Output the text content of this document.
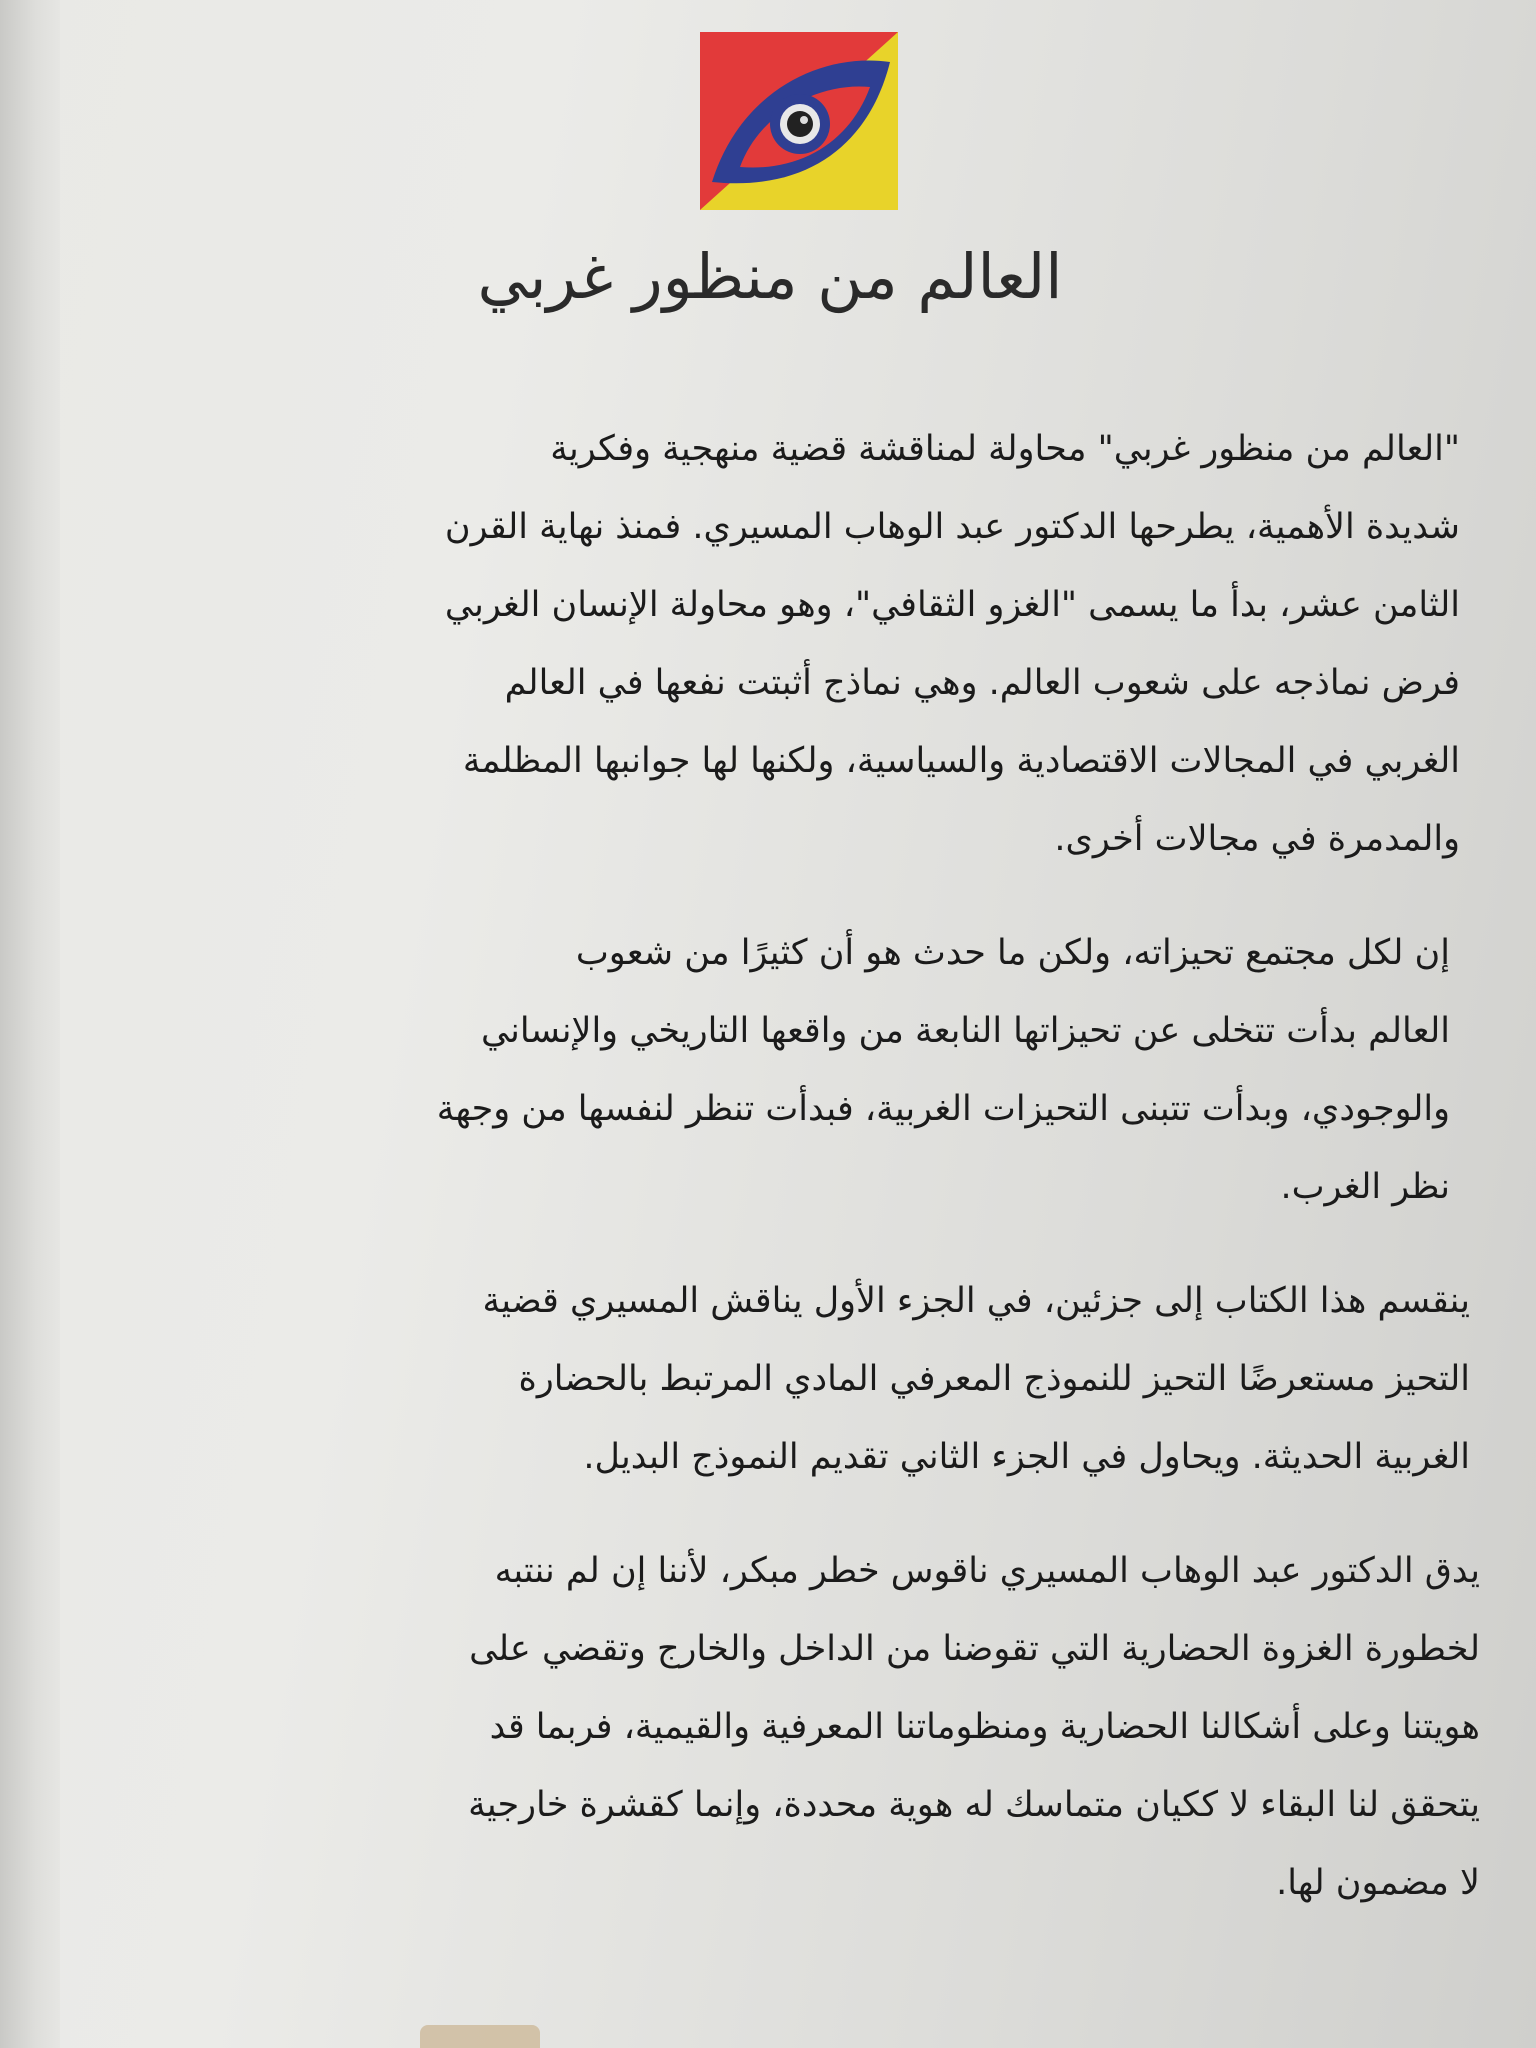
العالم من منظور غربي

"العالم من منظور غربي" محاولة لمناقشة قضية منهجية وفكرية
شديدة الأهمية، يطرحها الدكتور عبد الوهاب المسيري. فمنذ نهاية القرن
الثامن عشر، بدأ ما يسمى "الغزو الثقافي"، وهو محاولة الإنسان الغربي
فرض نماذجه على شعوب العالم. وهي نماذج أثبتت نفعها في العالم
الغربي في المجالات الاقتصادية والسياسية، ولكنها لها جوانبها المظلمة
والمدمرة في مجالات أخرى.

إن لكل مجتمع تحيزاته، ولكن ما حدث هو أن كثيرًا من شعوب
العالم بدأت تتخلى عن تحيزاتها النابعة من واقعها التاريخي والإنساني
والوجودي، وبدأت تتبنى التحيزات الغربية، فبدأت تنظر لنفسها من وجهة
نظر الغرب.

ينقسم هذا الكتاب إلى جزئين، في الجزء الأول يناقش المسيري قضية
التحيز مستعرضًا التحيز للنموذج المعرفي المادي المرتبط بالحضارة
الغربية الحديثة. ويحاول في الجزء الثاني تقديم النموذج البديل.

يدق الدكتور عبد الوهاب المسيري ناقوس خطر مبكر، لأننا إن لم ننتبه
لخطورة الغزوة الحضارية التي تقوضنا من الداخل والخارج وتقضي على
هويتنا وعلى أشكالنا الحضارية ومنظوماتنا المعرفية والقيمية، فربما قد
يتحقق لنا البقاء لا ككيان متماسك له هوية محددة، وإنما كقشرة خارجية
لا مضمون لها.
